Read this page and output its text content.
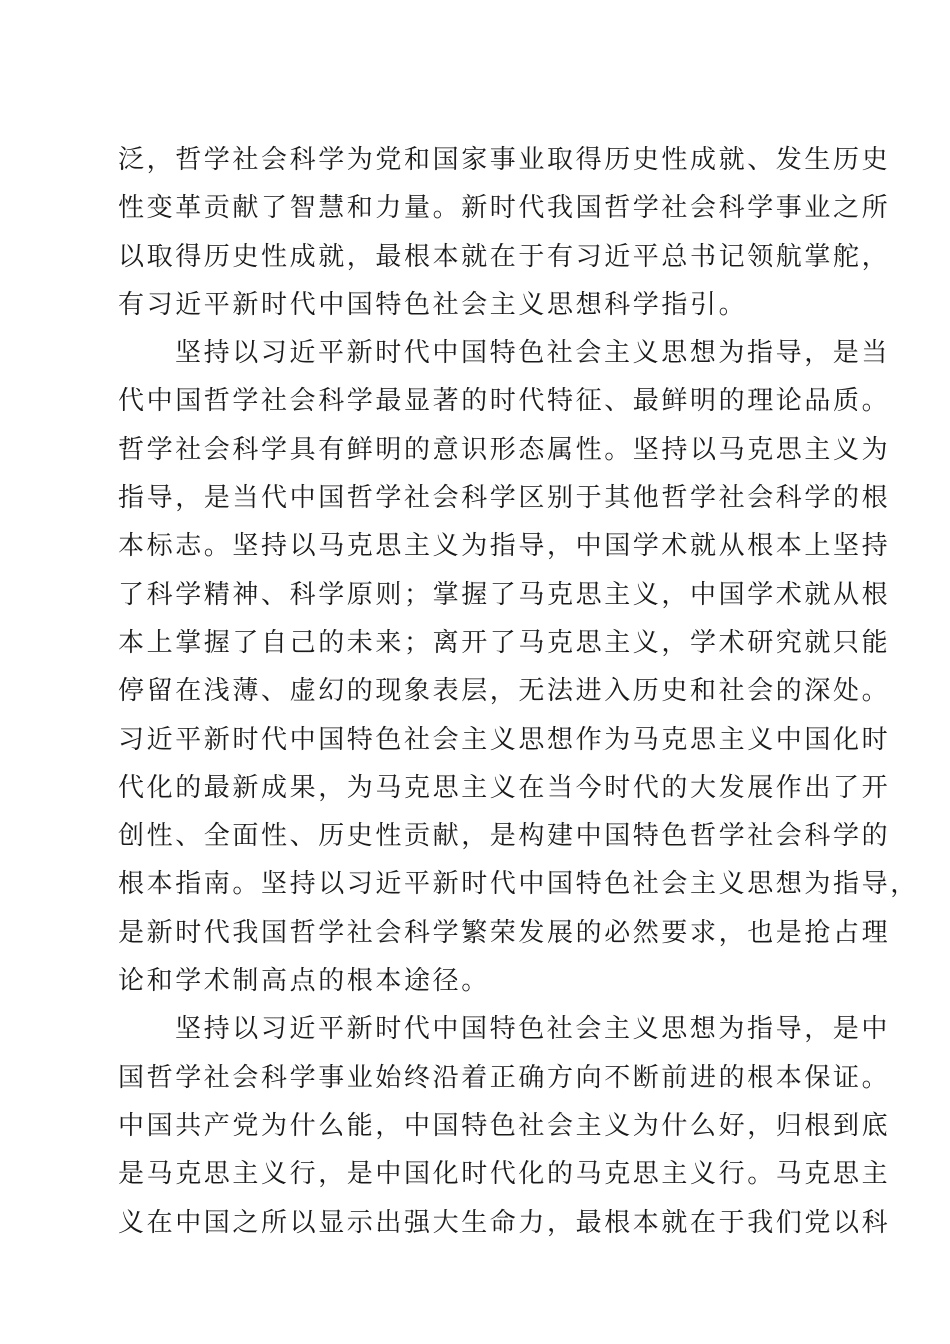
泛，哲学社会科学为党和国家事业取得历史性成就、发生历史
性变革贡献了智慧和力量。新时代我国哲学社会科学事业之所
以取得历史性成就，最根本就在于有习近平总书记领航掌舵，
有习近平新时代中国特色社会主义思想科学指引。
坚持以习近平新时代中国特色社会主义思想为指导，是当
代中国哲学社会科学最显著的时代特征、最鲜明的理论品质。
哲学社会科学具有鲜明的意识形态属性。坚持以马克思主义为
指导，是当代中国哲学社会科学区别于其他哲学社会科学的根
本标志。坚持以马克思主义为指导，中国学术就从根本上坚持
了科学精神、科学原则；掌握了马克思主义，中国学术就从根
本上掌握了自己的未来；离开了马克思主义，学术研究就只能
停留在浅薄、虚幻的现象表层，无法进入历史和社会的深处。
习近平新时代中国特色社会主义思想作为马克思主义中国化时
代化的最新成果，为马克思主义在当今时代的大发展作出了开
创性、全面性、历史性贡献，是构建中国特色哲学社会科学的
根本指南。坚持以习近平新时代中国特色社会主义思想为指导，
是新时代我国哲学社会科学繁荣发展的必然要求，也是抢占理
论和学术制高点的根本途径。
坚持以习近平新时代中国特色社会主义思想为指导，是中
国哲学社会科学事业始终沿着正确方向不断前进的根本保证。
中国共产党为什么能，中国特色社会主义为什么好，归根到底
是马克思主义行，是中国化时代化的马克思主义行。马克思主
义在中国之所以显示出强大生命力，最根本就在于我们党以科
